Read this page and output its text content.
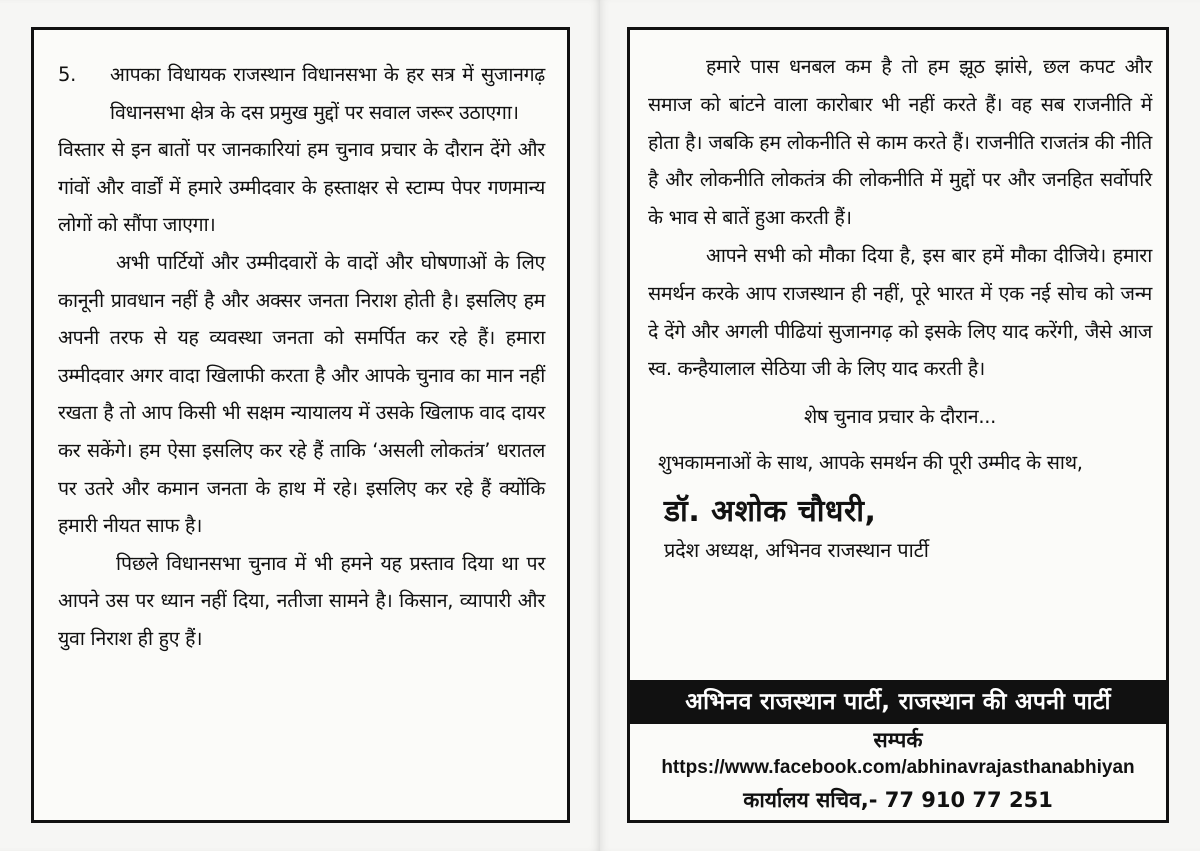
5.	आपका विधायक राजस्थान विधानसभा के हर सत्र में सुजानगढ़ विधानसभा क्षेत्र के दस प्रमुख मुद्दों पर सवाल जरूर उठाएगा।

विस्तार से इन बातों पर जानकारियां हम चुनाव प्रचार के दौरान देंगे और गांवों और वार्डों में हमारे उम्मीदवार के हस्ताक्षर से स्टाम्प पेपर गणमान्य लोगों को सौंपा जाएगा।

अभी पार्टियों और उम्मीदवारों के वादों और घोषणाओं के लिए कानूनी प्रावधान नहीं है और अक्सर जनता निराश होती है। इसलिए हम अपनी तरफ से यह व्यवस्था जनता को समर्पित कर रहे हैं। हमारा उम्मीदवार अगर वादा खिलाफी करता है और आपके चुनाव का मान नहीं रखता है तो आप किसी भी सक्षम न्यायालय में उसके खिलाफ वाद दायर कर सकेंगे। हम ऐसा इसलिए कर रहे हैं ताकि ‘असली लोकतंत्र’ धरातल पर उतरे और कमान जनता के हाथ में रहे। इसलिए कर रहे हैं क्योंकि हमारी नीयत साफ है।

पिछले विधानसभा चुनाव में भी हमने यह प्रस्ताव दिया था पर आपने उस पर ध्यान नहीं दिया, नतीजा सामने है। किसान, व्यापारी और युवा निराश ही हुए हैं।

हमारे पास धनबल कम है तो हम झूठ झांसे, छल कपट और समाज को बांटने वाला कारोबार भी नहीं करते हैं। वह सब राजनीति में होता है। जबकि हम लोकनीति से काम करते हैं। राजनीति राजतंत्र की नीति है और लोकनीति लोकतंत्र की लोकनीति में मुद्दों पर और जनहित सर्वोपरि के भाव से बातें हुआ करती हैं।

आपने सभी को मौका दिया है, इस बार हमें मौका दीजिये। हमारा समर्थन करके आप राजस्थान ही नहीं, पूरे भारत में एक नई सोच को जन्म दे देंगे और अगली पीढियां सुजानगढ़ को इसके लिए याद करेंगी, जैसे आज स्व. कन्हैयालाल सेठिया जी के लिए याद करती है।

शेष चुनाव प्रचार के दौरान...

शुभकामनाओं के साथ, आपके समर्थन की पूरी उम्मीद के साथ,

डॉ. अशोक चौधरी,

प्रदेश अध्यक्ष, अभिनव राजस्थान पार्टी

अभिनव राजस्थान पार्टी, राजस्थान की अपनी पार्टी
सम्पर्क
https://www.facebook.com/abhinavrajasthanabhiyan
कार्यालय सचिव,- 77 910 77 251
